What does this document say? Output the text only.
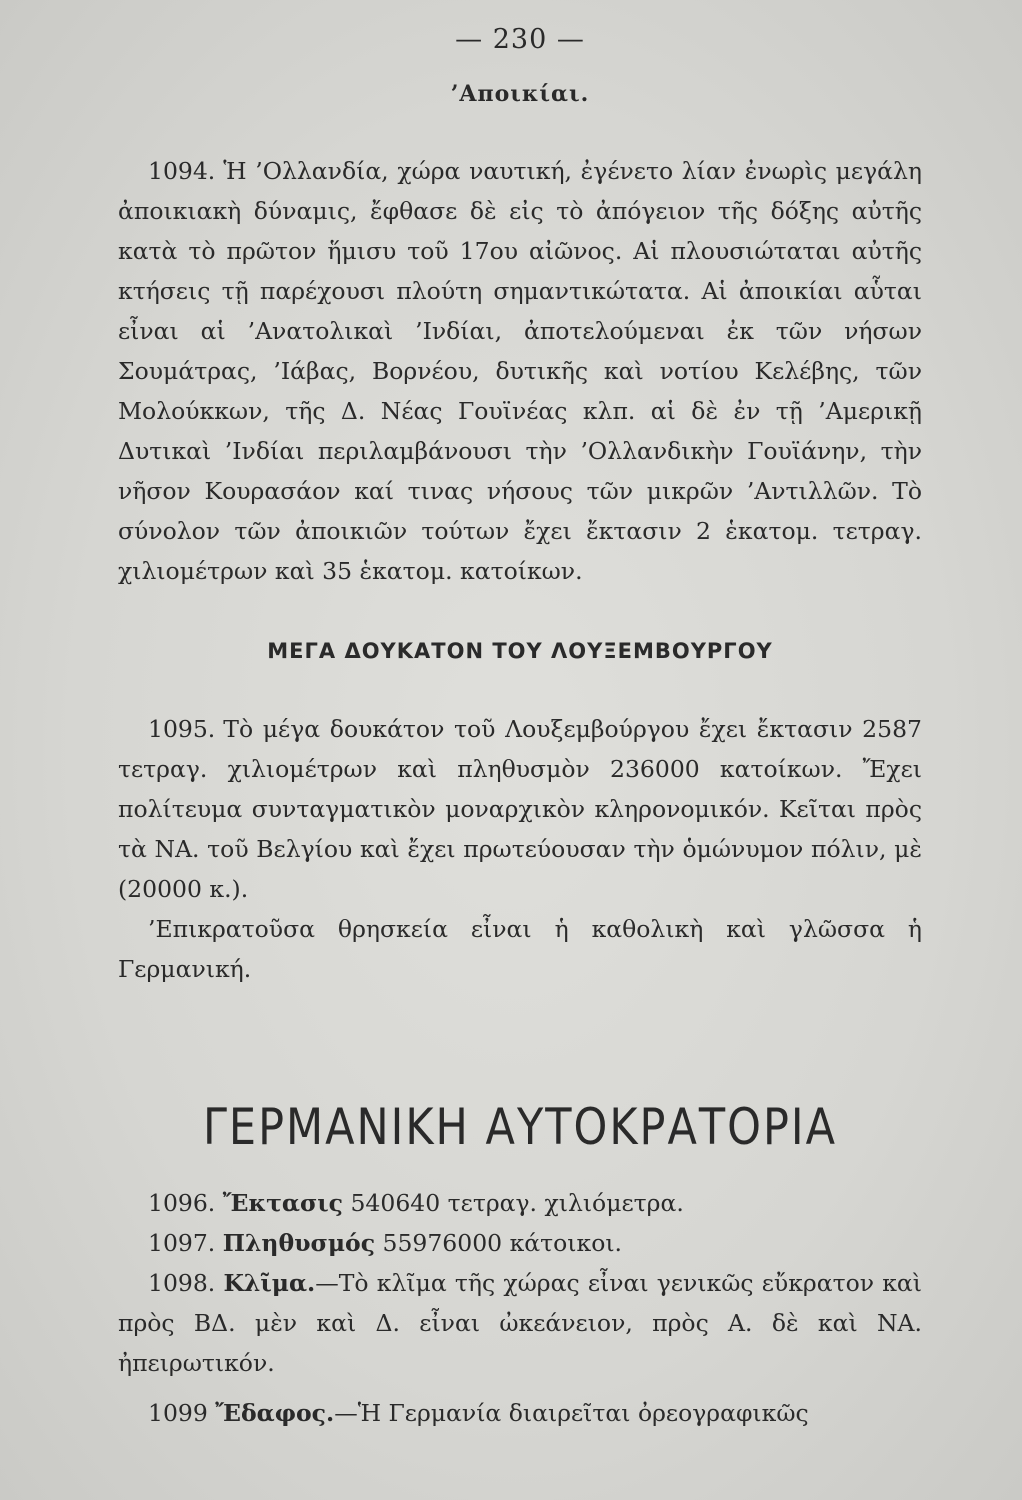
— 230 —
’Αποικίαι.

1094. Ἡ ’Ολλανδία, χώρα ναυτική, ἐγένετο λίαν ἐνωρὶς μεγάλη ἀποικιακὴ δύναμις, ἔφθασε δὲ εἰς τὸ ἀπόγειον τῆς δόξης αὐτῆς κατὰ τὸ πρῶτον ἥμισυ τοῦ 17ου αἰῶνος. Αἱ πλουσιώταται αὐτῆς κτήσεις τῇ παρέχουσι πλούτη σημαντικώτατα. Αἱ ἀποικίαι αὗται εἶναι αἱ ’Ανατολικαὶ ’Ινδίαι, ἀποτελούμεναι ἐκ τῶν νήσων Σουμάτρας, ’Ιάβας, Βορνέου, δυτικῆς καὶ νοτίου Κελέβης, τῶν Μολούκκων, τῆς Δ. Νέας Γουϊνέας κλπ. αἱ δὲ ἐν τῇ ’Αμερικῇ Δυτικαὶ ’Ινδίαι περιλαμβάνουσι τὴν ’Ολλανδικὴν Γουϊάνην, τὴν νῆσον Κουρασάον καί τινας νήσους τῶν μικρῶν ’Αντιλλῶν. Τὸ σύνολον τῶν ἀποικιῶν τούτων ἔχει ἔκτασιν 2 ἑκατομ. τετραγ. χιλιομέτρων καὶ 35 ἑκατομ. κατοίκων.

ΜΕΓΑ ΔΟΥΚΑΤΟΝ ΤΟΥ ΛΟΥΞΕΜΒΟΥΡΓΟΥ

1095. Τὸ μέγα δουκάτον τοῦ Λουξεμβούργου ἔχει ἔκτασιν 2587 τετραγ. χιλιομέτρων καὶ πληθυσμὸν 236000 κατοίκων. Ἔχει πολίτευμα συνταγματικὸν μοναρχικὸν κληρονομικόν. Κεῖται πρὸς τὰ ΝΑ. τοῦ Βελγίου καὶ ἔχει πρωτεύουσαν τὴν ὁμώνυμον πόλιν, μὲ (20000 κ.).

’Επικρατοῦσα θρησκεία εἶναι ἡ καθολικὴ καὶ γλῶσσα ἡ Γερμανική.

ΓΕΡΜΑΝΙΚΗ ΑΥΤΟΚΡΑΤΟΡΙΑ

1096. Ἔκτασις 540640 τετραγ. χιλιόμετρα.

1097. Πληθυσμός 55976000 κάτοικοι.

1098. Κλῖμα.—Τὸ κλῖμα τῆς χώρας εἶναι γενικῶς εὔκρατον καὶ πρὸς ΒΔ. μὲν καὶ Δ. εἶναι ὠκεάνειον, πρὸς Α. δὲ καὶ ΝΑ. ἠπειρωτικόν.

1099 Ἔδαφος.—Ἡ Γερμανία διαιρεῖται ὀρεογραφικῶς
